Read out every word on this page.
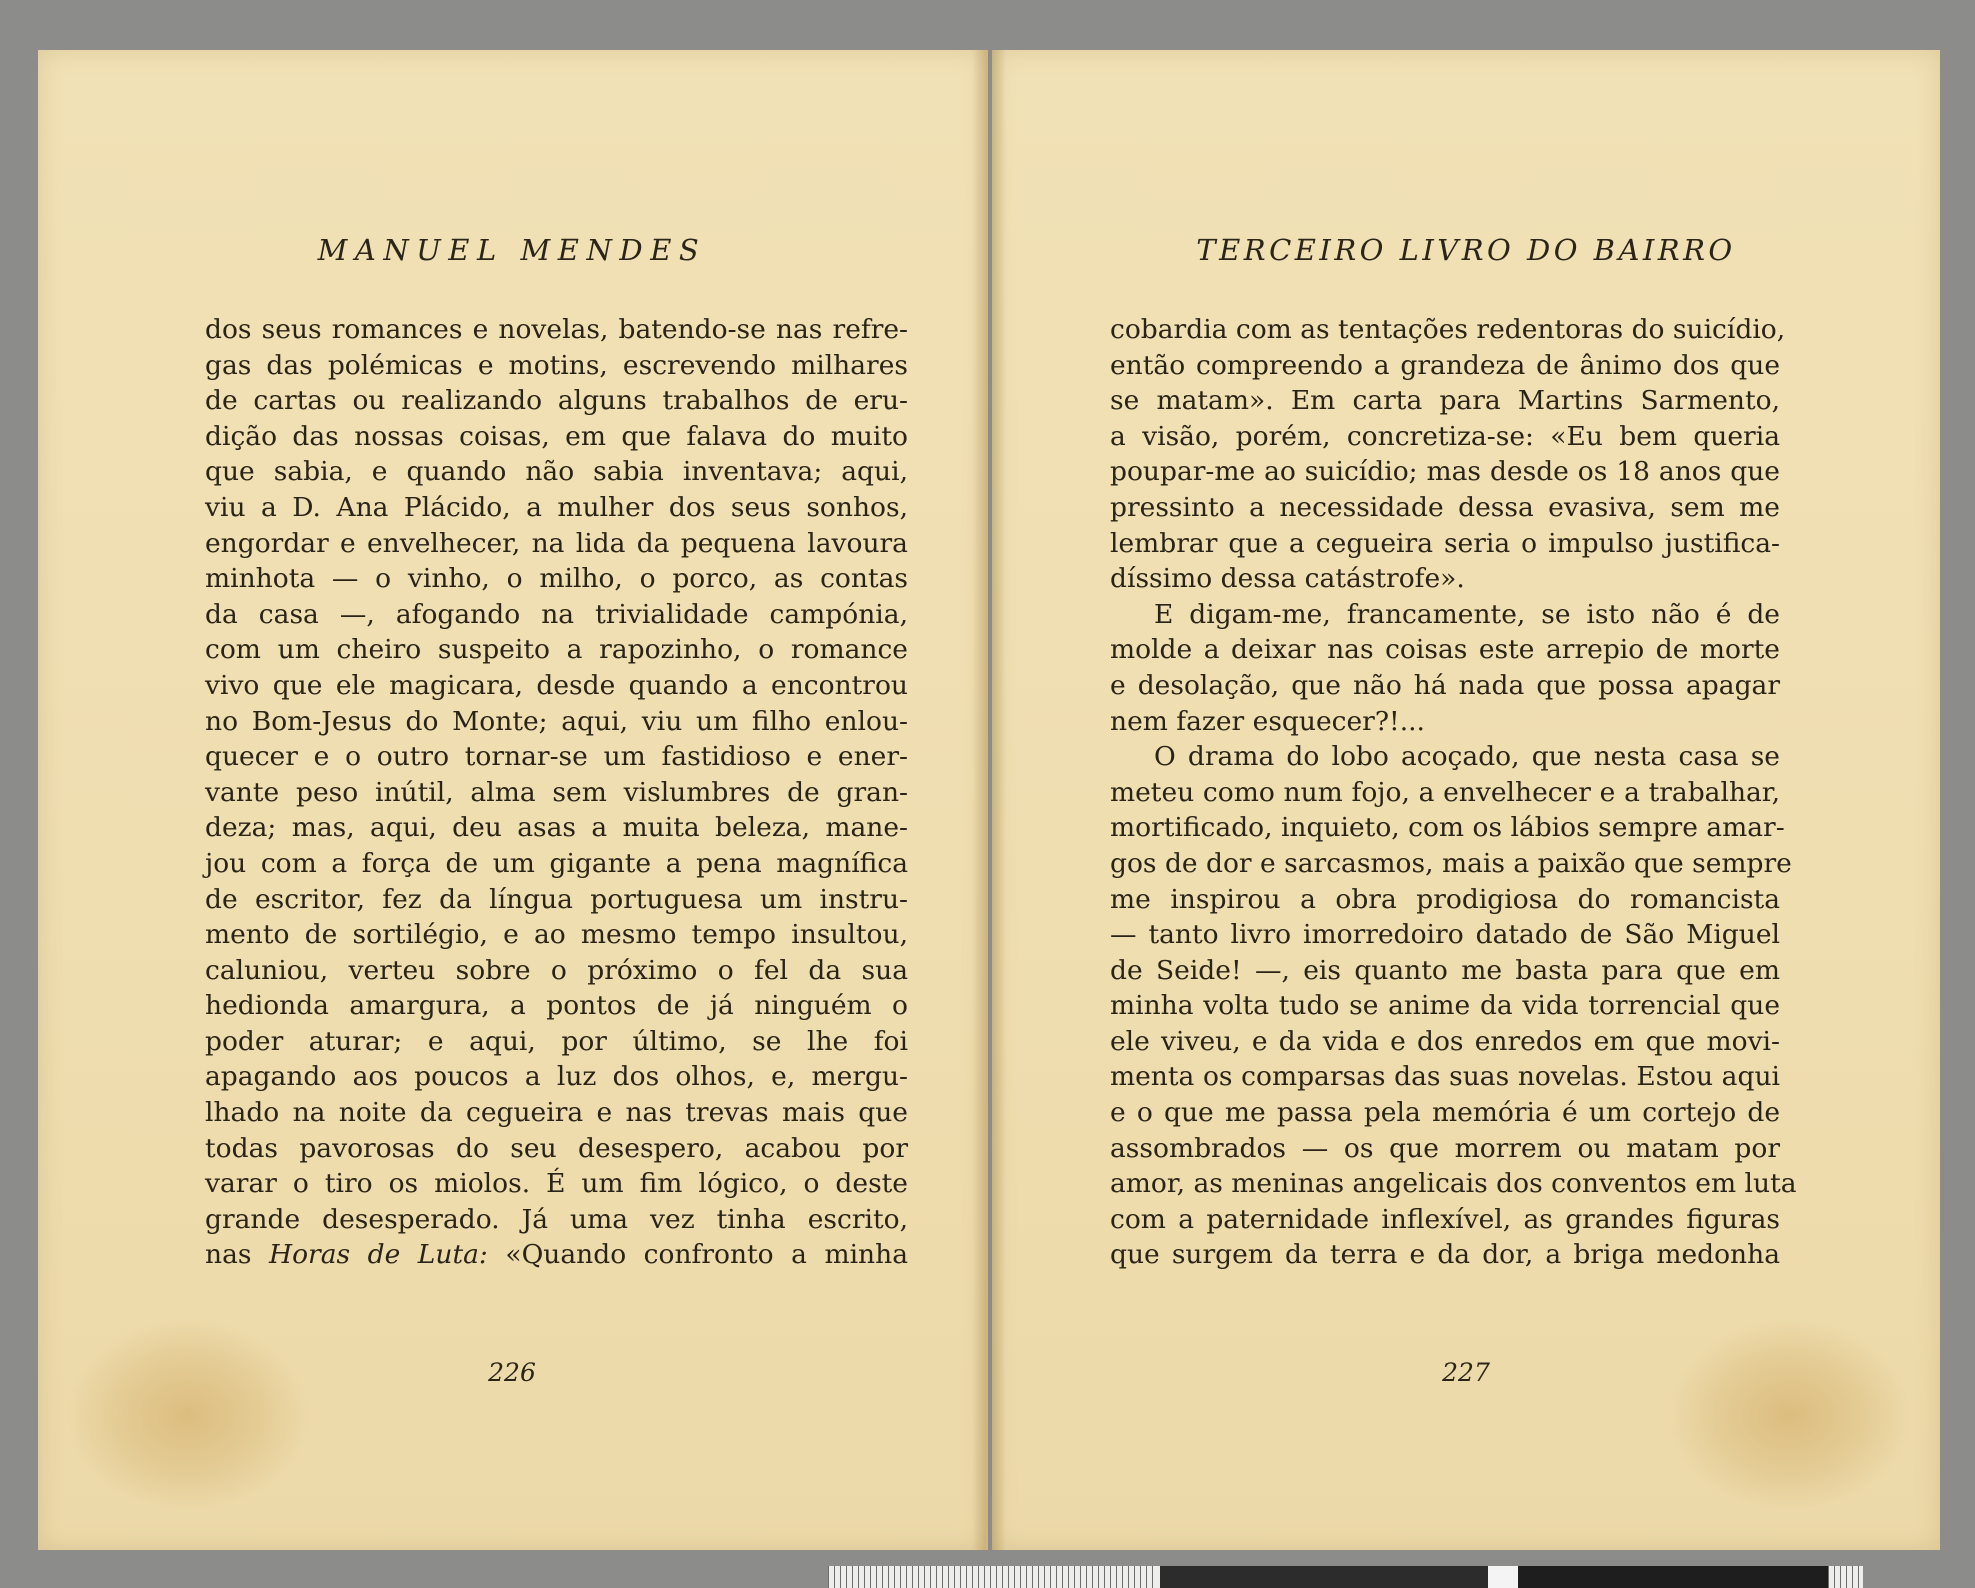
MANUEL MENDES
dos seus romances e novelas, batendo-se nas refre-
gas das polémicas e motins, escrevendo milhares
de cartas ou realizando alguns trabalhos de eru-
dição das nossas coisas, em que falava do muito
que sabia, e quando não sabia inventava; aqui,
viu a D. Ana Plácido, a mulher dos seus sonhos,
engordar e envelhecer, na lida da pequena lavoura
minhota — o vinho, o milho, o porco, as contas
da casa —, afogando na trivialidade campónia,
com um cheiro suspeito a rapozinho, o romance
vivo que ele magicara, desde quando a encontrou
no Bom-Jesus do Monte; aqui, viu um filho enlou-
quecer e o outro tornar-se um fastidioso e ener-
vante peso inútil, alma sem vislumbres de gran-
deza; mas, aqui, deu asas a muita beleza, mane-
jou com a força de um gigante a pena magnífica
de escritor, fez da língua portuguesa um instru-
mento de sortilégio, e ao mesmo tempo insultou,
caluniou, verteu sobre o próximo o fel da sua
hedionda amargura, a pontos de já ninguém o
poder aturar; e aqui, por último, se lhe foi
apagando aos poucos a luz dos olhos, e, mergu-
lhado na noite da cegueira e nas trevas mais que
todas pavorosas do seu desespero, acabou por
varar o tiro os miolos. É um fim lógico, o deste
grande desesperado. Já uma vez tinha escrito,
nas Horas de Luta: «Quando confronto a minha
226
TERCEIRO LIVRO DO BAIRRO
cobardia com as tentações redentoras do suicídio,
então compreendo a grandeza de ânimo dos que
se matam». Em carta para Martins Sarmento,
a visão, porém, concretiza-se: «Eu bem queria
poupar-me ao suicídio; mas desde os 18 anos que
pressinto a necessidade dessa evasiva, sem me
lembrar que a cegueira seria o impulso justifica-
díssimo dessa catástrofe».
E digam-me, francamente, se isto não é de
molde a deixar nas coisas este arrepio de morte
e desolação, que não há nada que possa apagar
nem fazer esquecer?!...
O drama do lobo acoçado, que nesta casa se
meteu como num fojo, a envelhecer e a trabalhar,
mortificado, inquieto, com os lábios sempre amar-
gos de dor e sarcasmos, mais a paixão que sempre
me inspirou a obra prodigiosa do romancista
— tanto livro imorredoiro datado de São Miguel
de Seide! —, eis quanto me basta para que em
minha volta tudo se anime da vida torrencial que
ele viveu, e da vida e dos enredos em que movi-
menta os comparsas das suas novelas. Estou aqui
e o que me passa pela memória é um cortejo de
assombrados — os que morrem ou matam por
amor, as meninas angelicais dos conventos em luta
com a paternidade inflexível, as grandes figuras
que surgem da terra e da dor, a briga medonha
227
